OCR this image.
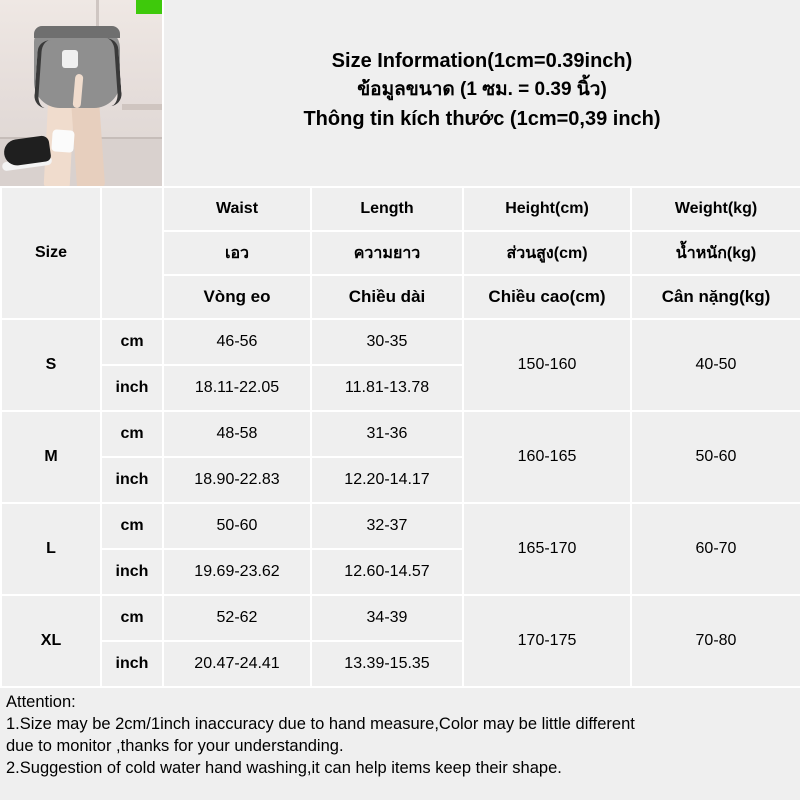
Size Information(1cm=0.39inch)
ข้อมูลขนาด (1 ซม. = 0.39 นิ้ว)
Thông tin kích thước (1cm=0,39 inch)
Size		Waist	Length	Height(cm)	Weight(kg)
		เอว	ความยาว	ส่วนสูง(cm)	น้ำหนัก(kg)
		Vòng eo	Chiều dài	Chiều cao(cm)	Cân nặng(kg)
S	cm	46-56	30-35	150-160	40-50
	inch	18.11-22.05	11.81-13.78		
M	cm	48-58	31-36	160-165	50-60
	inch	18.90-22.83	12.20-14.17		
L	cm	50-60	32-37	165-170	60-70
	inch	19.69-23.62	12.60-14.57		
XL	cm	52-62	34-39	170-175	70-80
	inch	20.47-24.41	13.39-15.35		
Attention:
1.Size may be 2cm/1inch inaccuracy due to hand measure,Color may be little different
due to monitor ,thanks for your understanding.
2.Suggestion of cold water hand washing,it can help items keep their shape.
